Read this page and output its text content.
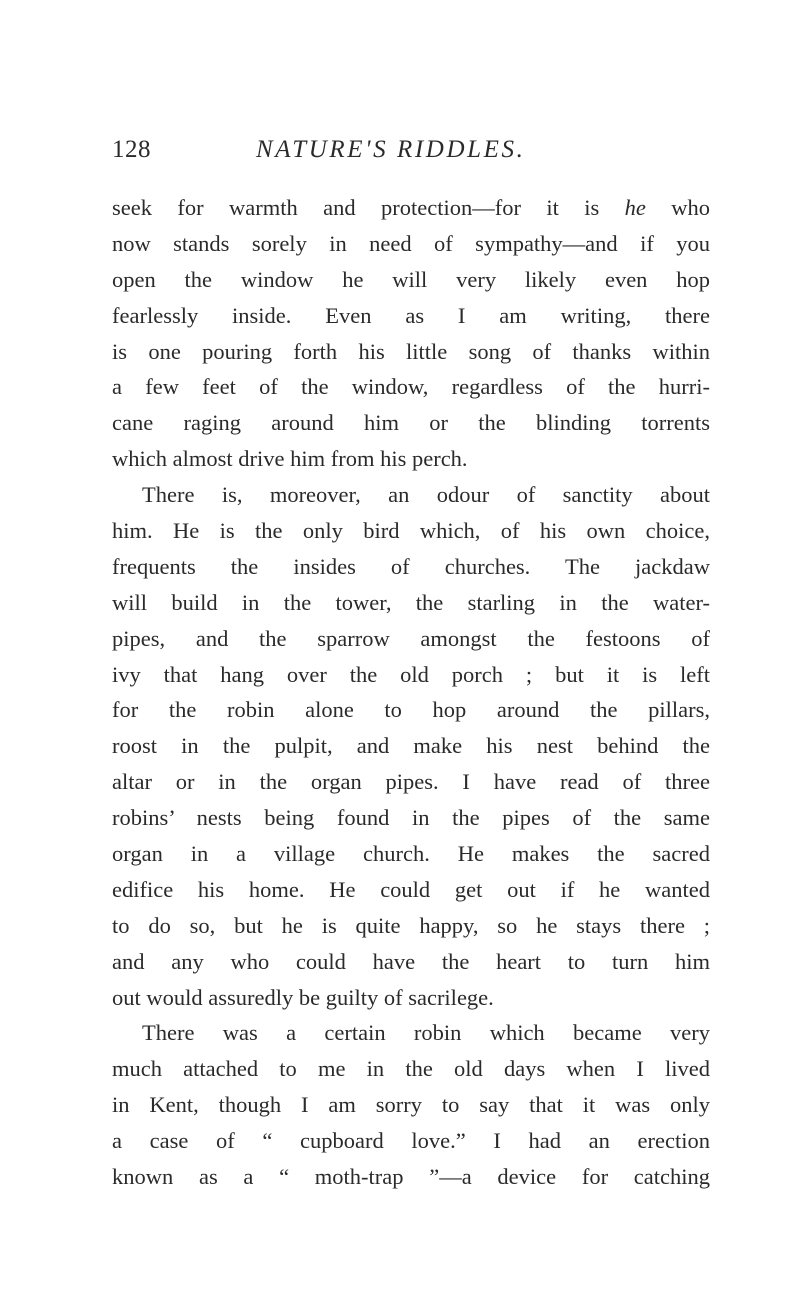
128	NATURE'S RIDDLES.
seek for warmth and protection—for it is he who
now stands sorely in need of sympathy—and if you
open the window he will very likely even hop
fearlessly inside. Even as I am writing, there
is one pouring forth his little song of thanks within
a few feet of the window, regardless of the hurri-
cane raging around him or the blinding torrents
which almost drive him from his perch.
There is, moreover, an odour of sanctity about
him. He is the only bird which, of his own choice,
frequents the insides of churches. The jackdaw
will build in the tower, the starling in the water-
pipes, and the sparrow amongst the festoons of
ivy that hang over the old porch ; but it is left
for the robin alone to hop around the pillars,
roost in the pulpit, and make his nest behind the
altar or in the organ pipes. I have read of three
robins’ nests being found in the pipes of the same
organ in a village church. He makes the sacred
edifice his home. He could get out if he wanted
to do so, but he is quite happy, so he stays there ;
and any who could have the heart to turn him
out would assuredly be guilty of sacrilege.
There was a certain robin which became very
much attached to me in the old days when I lived
in Kent, though I am sorry to say that it was only
a case of “ cupboard love.” I had an erection
known as a “ moth-trap ”—a device for catching
